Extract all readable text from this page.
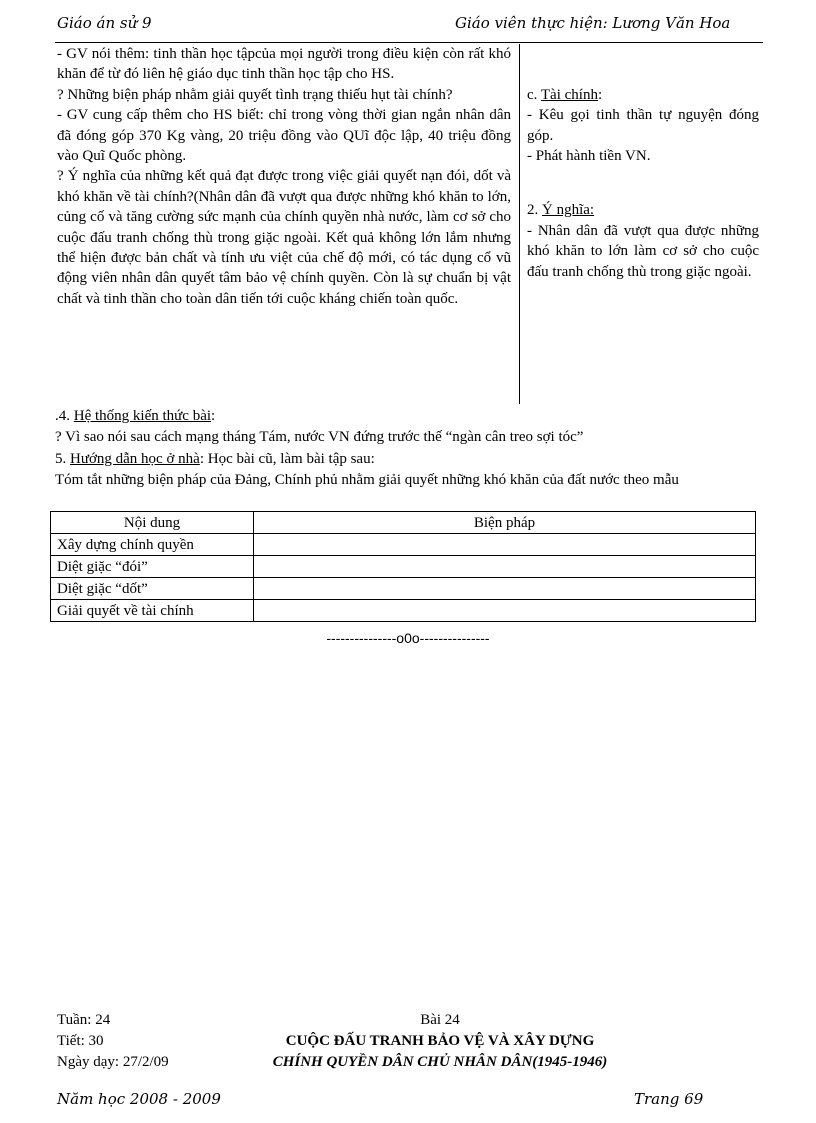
Giáo án sử 9	Giáo viên thực hiện: Lương Văn Hoa
- GV nói thêm: tinh thần học tậpcủa mọi người trong điều kiện còn rất khó khăn để từ đó liên hệ giáo dục tinh thần học tập cho HS.
? Những biện pháp nhằm giải quyết tình trạng thiếu hụt tài chính?
- GV cung cấp thêm cho HS biết: chỉ trong vòng thời gian ngắn nhân dân đã đóng góp 370 Kg vàng, 20 triệu đồng vào QUĩ độc lập, 40 triệu đồng vào Quĩ Quốc phòng.
? Ý nghĩa của những kết quả đạt được trong việc giải quyết nạn đói, dốt và khó khăn về tài chính?(Nhân dân đã vượt qua được những khó khăn to lớn, củng cố và tăng cường sức mạnh của chính quyền nhà nước, làm cơ sở cho cuộc đấu tranh chống thù trong giặc ngoài. Kết quả không lớn lắm nhưng thể hiện được bản chất và tính ưu việt của chế độ mới, có tác dụng cổ vũ động viên nhân dân quyết tâm bảo vệ chính quyền. Còn là sự chuẩn bị vật chất và tinh thần cho toàn dân tiến tới cuộc kháng chiến toàn quốc.
c. Tài chính:
- Kêu gọi tinh thần tự nguyện đóng góp.
- Phát hành tiền VN.
2. Ý nghĩa:
- Nhân dân đã vượt qua được những khó khăn to lớn làm cơ sở cho cuộc đấu tranh chống thù trong giặc ngoài.
.4. Hệ thống kiến thức bài:
? Vì sao nói sau cách mạng tháng Tám, nước VN đứng trước thế “ngàn cân treo sợi tóc”
5. Hướng dẫn học ở nhà: Học bài cũ, làm bài tập sau:
Tóm tắt những biện pháp của Đảng, Chính phủ nhằm giải quyết những khó khăn của đất nước theo mẫu
Nội dung	Biện pháp
Xây dựng chính quyền	
Diệt giặc “đói”	
Diệt giặc “dốt”	
Giải quyết về tài chính	
---------------o0o---------------
Tuần: 24
Tiết: 30
Ngày dạy: 27/2/09
Bài 24
CUỘC ĐẤU TRANH BẢO VỆ VÀ XÂY DỰNG
CHÍNH QUYỀN DÂN CHỦ NHÂN DÂN(1945-1946)
Năm học 2008 - 2009	Trang 69
